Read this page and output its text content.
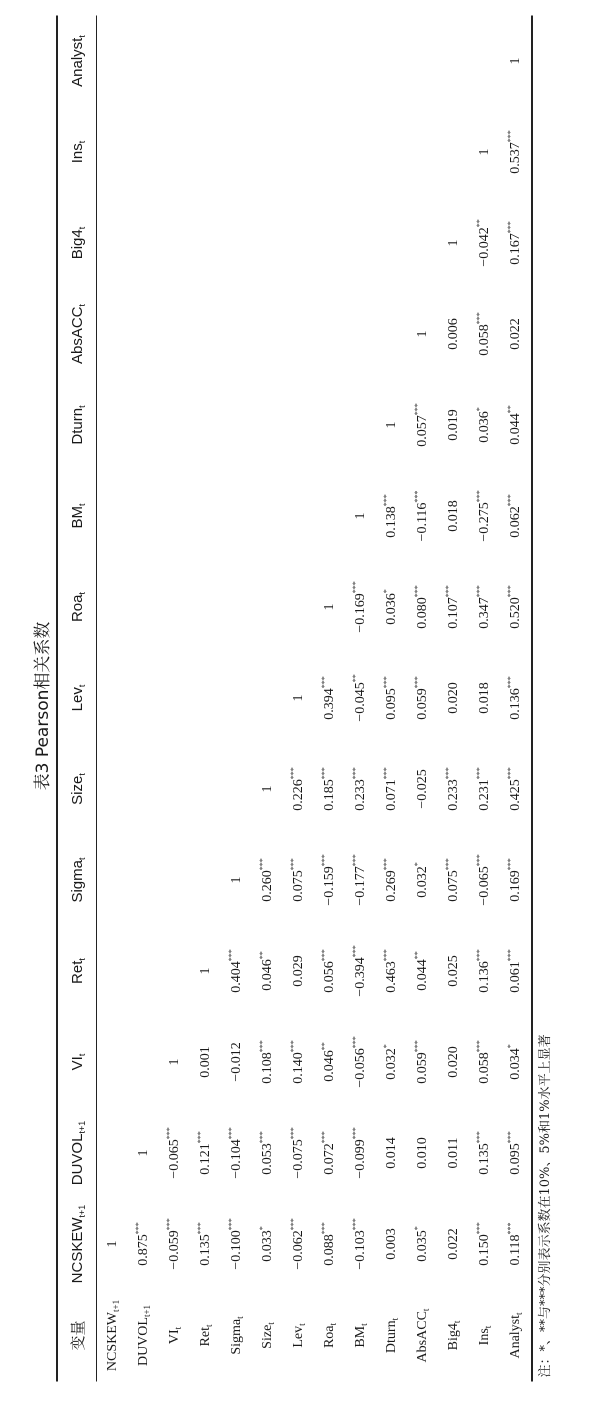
表3 Pearson相关系数
变量	$NCSKEW_{t+1}$	$DUVOL_{t+1}$	$VI_t$	Ret$_t$	Sigma$_t$	Size$_t$	Lev$_t$	Roa$_t$	$BM_t$	Dturn$_t$	AbsACC$_t$	$Big4_t$	Ins$_t$	Analyst$_t$
$NCSKEW_{t+1}$	1													
$DUVOL_{t+1}$	0.875***	1												
$VI_t$	−0.059***	−0.065***	1											
Ret$_t$	0.135***	0.121***	0.001	1										
Sigma$_t$	−0.100***	−0.104***	−0.012	0.404***	1									
Size$_t$	0.033*	0.053***	0.108***	0.046**	0.260***	1								
Lev$_t$	−0.062***	−0.075***	0.140***	0.029	0.075***	0.226***	1							
Roa$_t$	0.088***	0.072***	0.046**	0.056***	−0.159***	0.185***	0.394***	1						
$BM_t$	−0.103***	−0.099***	−0.056***	−0.394***	−0.177***	0.233***	−0.045**	−0.169***	1					
Dturn$_t$	0.003	0.014	0.032*	0.463***	0.269***	0.071***	0.095***	0.036*	0.138***	1				
AbsACC$_t$	0.035*	0.010	0.059***	0.044**	0.032*	−0.025	0.059***	0.080***	−0.116***	0.057***	1			
$Big4_t$	0.022	0.011	0.020	0.025	0.075***	0.233***	0.020	0.107***	0.018	0.019	0.006	1		
Ins$_t$	0.150***	0.135***	0.058***	0.136***	−0.065***	0.231***	0.018	0.347***	−0.275***	0.036*	0.058***	−0.042**	1	
Analyst$_t$	0.118***	0.095***	0.034*	0.061***	0.169***	0.425***	0.136***	0.520***	0.062***	0.044**	0.022	0.167***	0.537***	1
注：*、**与***分别表示系数在10%、5%和1%水平上显著
